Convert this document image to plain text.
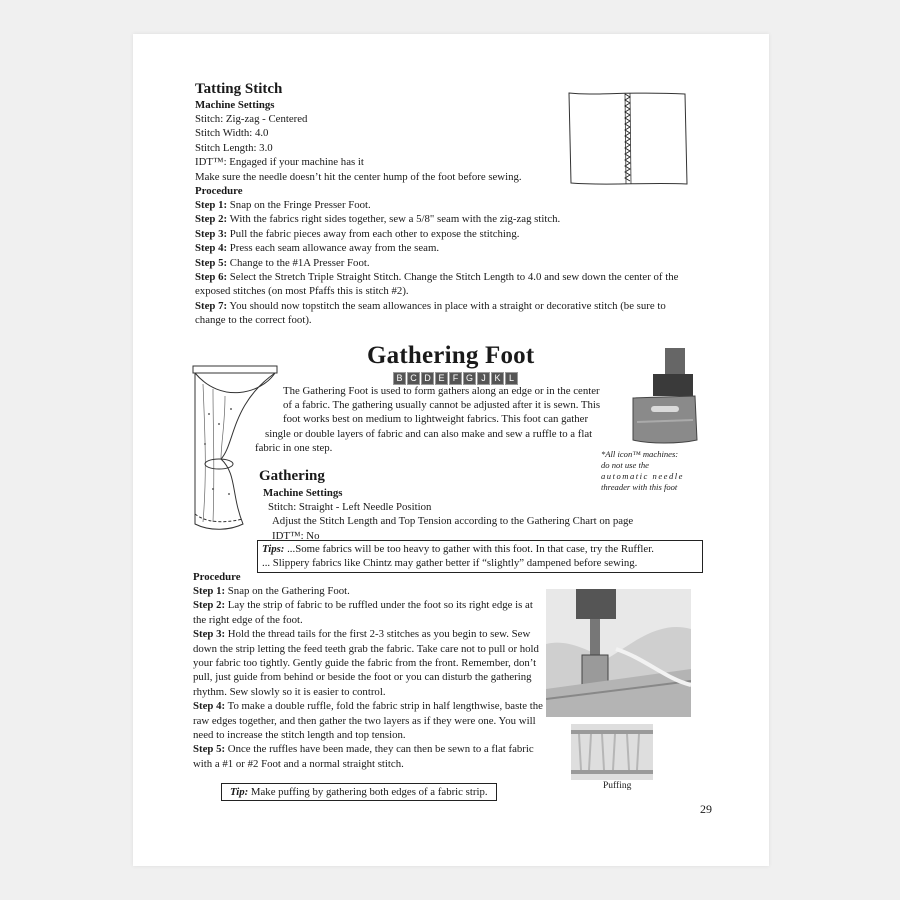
Tatting Stitch
Machine Settings
Stitch: Zig-zag - Centered
Stitch Width: 4.0
Stitch Length: 3.0
IDT™: Engaged if your machine has it
Make sure the needle doesn’t hit the center hump of the foot before sewing.
Procedure
Step 1: Snap on the Fringe Presser Foot.
Step 2: With the fabrics right sides together, sew a 5/8" seam with the zig-zag stitch.
Step 3: Pull the fabric pieces away from each other to expose the stitching.
Step 4: Press each seam allowance away from the seam.
Step 5: Change to the #1A Presser Foot.
Step 6: Select the Stretch Triple Straight Stitch. Change the Stitch Length to 4.0 and sew down the center of the exposed stitches (on most Pfaffs this is stitch #2).
Step 7: You should now topstitch the seam allowances in place with a straight or decorative stitch (be sure to change to the correct foot).
Gathering Foot
B C D E F G J K L
The Gathering Foot is used to form gathers along an edge or in the center
of a fabric. The gathering usually cannot be adjusted after it is sewn. This
foot works best on medium to lightweight fabrics. This foot can gather
single or double layers of fabric and can also make and sew a ruffle to a flat
fabric in one step.	*All icon™ machines:
do not use the
automatic needle
threader with this foot
Gathering
Machine Settings
Stitch: Straight - Left Needle Position
Adjust the Stitch Length and Top Tension according to the Gathering Chart on page
IDT™: No
Tips: ...Some fabrics will be too heavy to gather with this foot. In that case, try the Ruffler.
... Slippery fabrics like Chintz may gather better if “slightly” dampened before sewing.
Procedure
Step 1: Snap on the Gathering Foot.
Step 2: Lay the strip of fabric to be ruffled under the foot so its right edge is at the right edge of the foot.
Step 3: Hold the thread tails for the first 2-3 stitches as you begin to sew. Sew down the strip letting the feed teeth grab the fabric. Take care not to pull or hold your fabric too tightly. Gently guide the fabric from the front. Remember, don’t pull, just guide from behind or beside the foot or you can disturb the gathering rhythm. Sew slowly so it is easier to control.
Step 4: To make a double ruffle, fold the fabric strip in half lengthwise, baste the raw edges together, and then gather the two layers as if they were one. You will need to increase the stitch length and top tension.
Step 5: Once the ruffles have been made, they can then be sewn to a flat fabric with a #1 or #2 Foot and a normal straight stitch.
Puffing
Tip: Make puffing by gathering both edges of a fabric strip.
29
